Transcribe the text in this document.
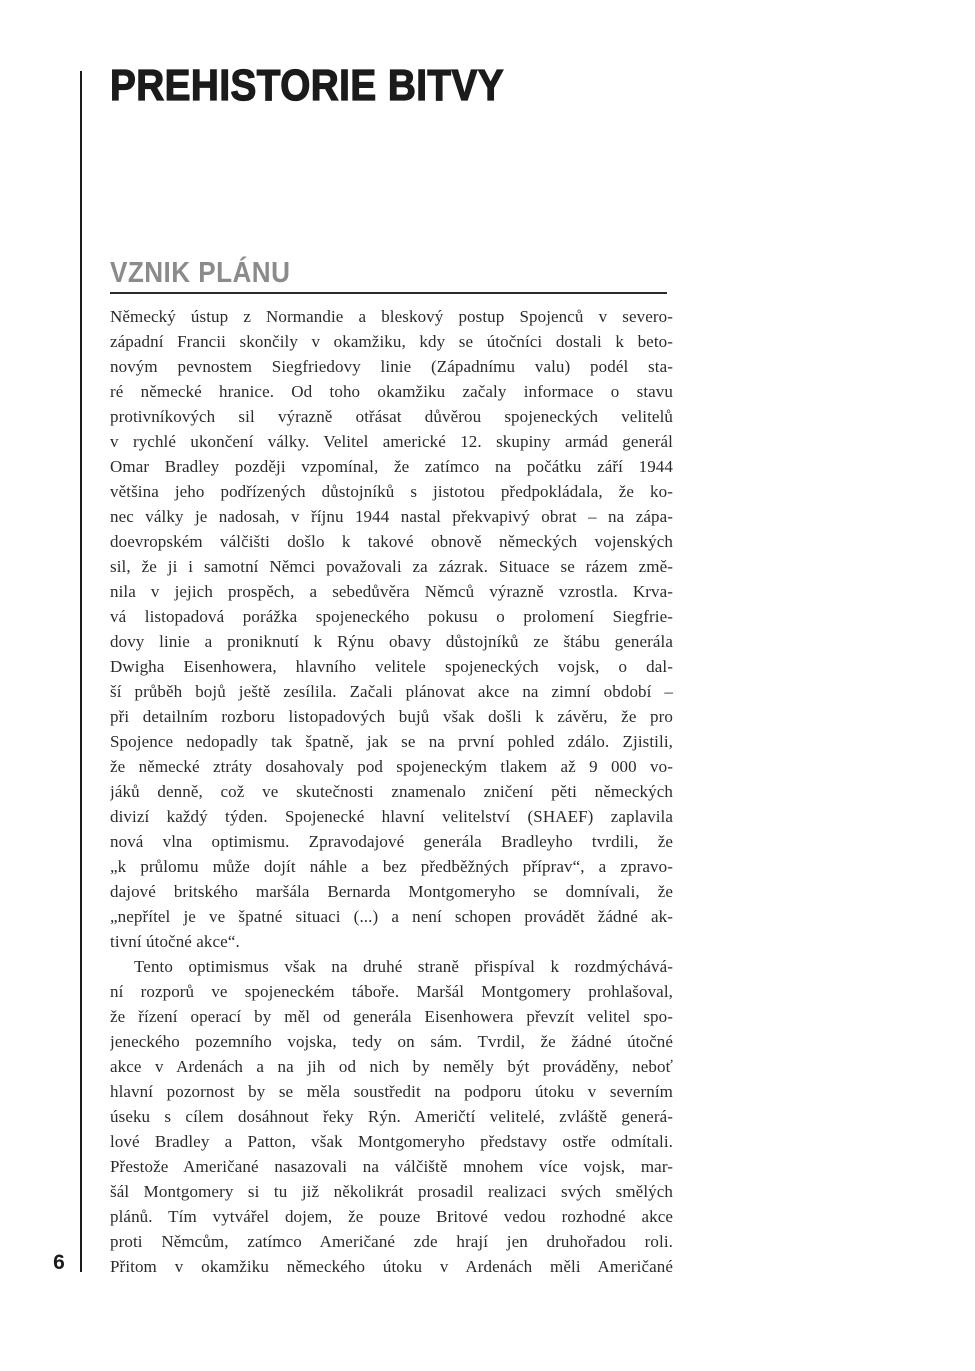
6
PREHISTORIE BITVY
VZNIK PLÁNU
Německý ústup z Normandie a bleskový postup Spojenců v severo-
západní Francii skončily v okamžiku, kdy se útočníci dostali k beto-
novým pevnostem Siegfriedovy linie (Západnímu valu) podél sta-
ré německé hranice. Od toho okamžiku začaly informace o stavu
protivníkových sil výrazně otřásat důvěrou spojeneckých velitelů
v rychlé ukončení války. Velitel americké 12. skupiny armád generál
Omar Bradley později vzpomínal, že zatímco na počátku září 1944
většina jeho podřízených důstojníků s jistotou předpokládala, že ko-
nec války je nadosah, v říjnu 1944 nastal překvapivý obrat – na zápa-
doevropském válčišti došlo k takové obnově německých vojenských
sil, že ji i samotní Němci považovali za zázrak. Situace se rázem změ-
nila v jejich prospěch, a sebedůvěra Němců výrazně vzrostla. Krva-
vá listopadová porážka spojeneckého pokusu o prolomení Siegfrie-
dovy linie a proniknutí k Rýnu obavy důstojníků ze štábu generála
Dwigha Eisenhowera, hlavního velitele spojeneckých vojsk, o dal-
ší průběh bojů ještě zesílila. Začali plánovat akce na zimní období –
při detailním rozboru listopadových bujů však došli k závěru, že pro
Spojence nedopadly tak špatně, jak se na první pohled zdálo. Zjistili,
že německé ztráty dosahovaly pod spojeneckým tlakem až 9 000 vo-
jáků denně, což ve skutečnosti znamenalo zničení pěti německých
divizí každý týden. Spojenecké hlavní velitelství (SHAEF) zaplavila
nová vlna optimismu. Zpravodajové generála Bradleyho tvrdili, že
„k průlomu může dojít náhle a bez předběžných příprav“, a zpravo-
dajové britského maršála Bernarda Montgomeryho se domnívali, že
„nepřítel je ve špatné situaci (...) a není schopen provádět žádné ak-
tivní útočné akce“.
Tento optimismus však na druhé straně přispíval k rozdmýchává-
ní rozporů ve spojeneckém táboře. Maršál Montgomery prohlašoval,
že řízení operací by měl od generála Eisenhowera převzít velitel spo-
jeneckého pozemního vojska, tedy on sám. Tvrdil, že žádné útočné
akce v Ardenách a na jih od nich by neměly být prováděny, neboť
hlavní pozornost by se měla soustředit na podporu útoku v severním
úseku s cílem dosáhnout řeky Rýn. Američtí velitelé, zvláště generá-
lové Bradley a Patton, však Montgomeryho představy ostře odmítali.
Přestože Američané nasazovali na válčiště mnohem více vojsk, mar-
šál Montgomery si tu již několikrát prosadil realizaci svých smělých
plánů. Tím vytvářel dojem, že pouze Britové vedou rozhodné akce
proti Němcům, zatímco Američané zde hrají jen druhořadou roli.
Přitom v okamžiku německého útoku v Ardenách měli Američané
